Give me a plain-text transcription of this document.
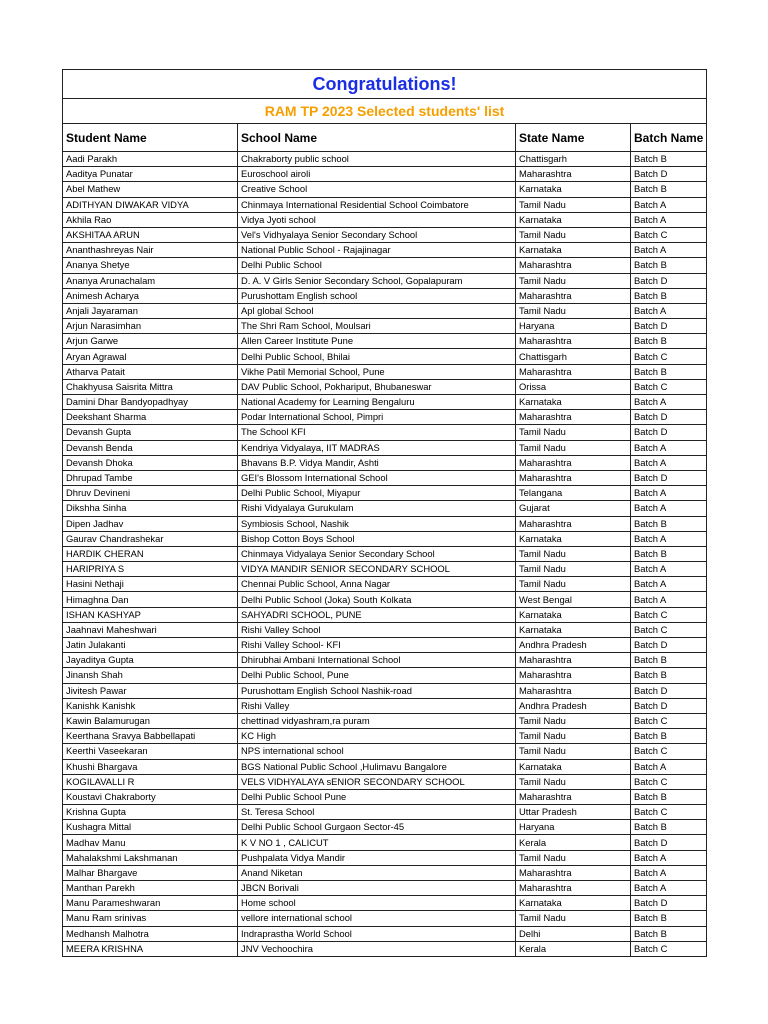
Congratulations!			
RAM TP 2023 Selected students' list			
Student Name	School Name	State Name	Batch Name
Aadi Parakh	Chakraborty public school	Chattisgarh	Batch B
Aaditya Punatar	Euroschool airoli	Maharashtra	Batch D
Abel Mathew	Creative School	Karnataka	Batch B
ADITHYAN DIWAKAR VIDYA	Chinmaya International Residential School Coimbatore	Tamil Nadu	Batch A
Akhila Rao	Vidya Jyoti school	Karnataka	Batch A
AKSHITAA ARUN	Vel's Vidhyalaya Senior Secondary School	Tamil Nadu	Batch C
Ananthashreyas Nair	National Public School - Rajajinagar	Karnataka	Batch A
Ananya Shetye	Delhi Public School	Maharashtra	Batch B
Ananya Arunachalam	D. A. V Girls Senior Secondary School, Gopalapuram	Tamil Nadu	Batch D
Animesh Acharya	Purushottam English school	Maharashtra	Batch B
Anjali Jayaraman	Apl global School	Tamil Nadu	Batch A
Arjun Narasimhan	The Shri Ram School, Moulsari	Haryana	Batch D
Arjun Garwe	Allen Career Institute Pune	Maharashtra	Batch B
Aryan Agrawal	Delhi Public School, Bhilai	Chattisgarh	Batch C
Atharva Patait	Vikhe Patil Memorial School, Pune	Maharashtra	Batch B
Chakhyusa Saisrita Mittra	DAV Public School, Pokhariput, Bhubaneswar	Orissa	Batch C
Damini Dhar Bandyopadhyay	National Academy for Learning Bengaluru	Karnataka	Batch A
Deekshant Sharma	Podar International School, Pimpri	Maharashtra	Batch D
Devansh Gupta	The School KFI	Tamil Nadu	Batch D
Devansh Benda	Kendriya Vidyalaya, IIT MADRAS	Tamil Nadu	Batch A
Devansh Dhoka	Bhavans B.P. Vidya Mandir, Ashti	Maharashtra	Batch A
Dhrupad Tambe	GEI's Blossom International School	Maharashtra	Batch D
Dhruv Devineni	Delhi Public School, Miyapur	Telangana	Batch A
Dikshha Sinha	Rishi Vidyalaya Gurukulam	Gujarat	Batch A
Dipen Jadhav	Symbiosis School, Nashik	Maharashtra	Batch B
Gaurav Chandrashekar	Bishop Cotton Boys School	Karnataka	Batch A
HARDIK CHERAN	Chinmaya Vidyalaya Senior Secondary School	Tamil Nadu	Batch B
HARIPRIYA S	VIDYA MANDIR SENIOR SECONDARY SCHOOL	Tamil Nadu	Batch A
Hasini Nethaji	Chennai Public School, Anna Nagar	Tamil Nadu	Batch A
Himaghna Dan	Delhi Public School (Joka) South Kolkata	West Bengal	Batch A
ISHAN KASHYAP	SAHYADRI SCHOOL, PUNE	Karnataka	Batch C
Jaahnavi Maheshwari	Rishi Valley School	Karnataka	Batch C
Jatin Julakanti	Rishi Valley School- KFI	Andhra Pradesh	Batch D
Jayaditya Gupta	Dhirubhai Ambani International School	Maharashtra	Batch B
Jinansh Shah	Delhi Public School, Pune	Maharashtra	Batch B
Jivitesh Pawar	Purushottam English School Nashik-road	Maharashtra	Batch D
Kanishk Kanishk	Rishi Valley	Andhra Pradesh	Batch D
Kawin Balamurugan	chettinad vidyashram,ra puram	Tamil Nadu	Batch C
Keerthana Sravya Babbellapati	KC High	Tamil Nadu	Batch B
Keerthi Vaseekaran	NPS international school	Tamil Nadu	Batch C
Khushi Bhargava	BGS National Public School ,Hulimavu Bangalore	Karnataka	Batch A
KOGILAVALLI R	VELS VIDHYALAYA sENIOR SECONDARY SCHOOL	Tamil Nadu	Batch C
Koustavi Chakraborty	Delhi Public School Pune	Maharashtra	Batch B
Krishna Gupta	St. Teresa School	Uttar Pradesh	Batch C
Kushagra Mittal	Delhi Public School Gurgaon Sector-45	Haryana	Batch B
Madhav Manu	K V NO 1 , CALICUT	Kerala	Batch D
Mahalakshmi Lakshmanan	Pushpalata Vidya Mandir	Tamil Nadu	Batch A
Malhar Bhargave	Anand Niketan	Maharashtra	Batch A
Manthan Parekh	JBCN Borivali	Maharashtra	Batch A
Manu Parameshwaran	Home school	Karnataka	Batch D
Manu Ram srinivas	vellore international school	Tamil Nadu	Batch B
Medhansh Malhotra	Indraprastha World School	Delhi	Batch B
MEERA KRISHNA	JNV Vechoochira	Kerala	Batch C
